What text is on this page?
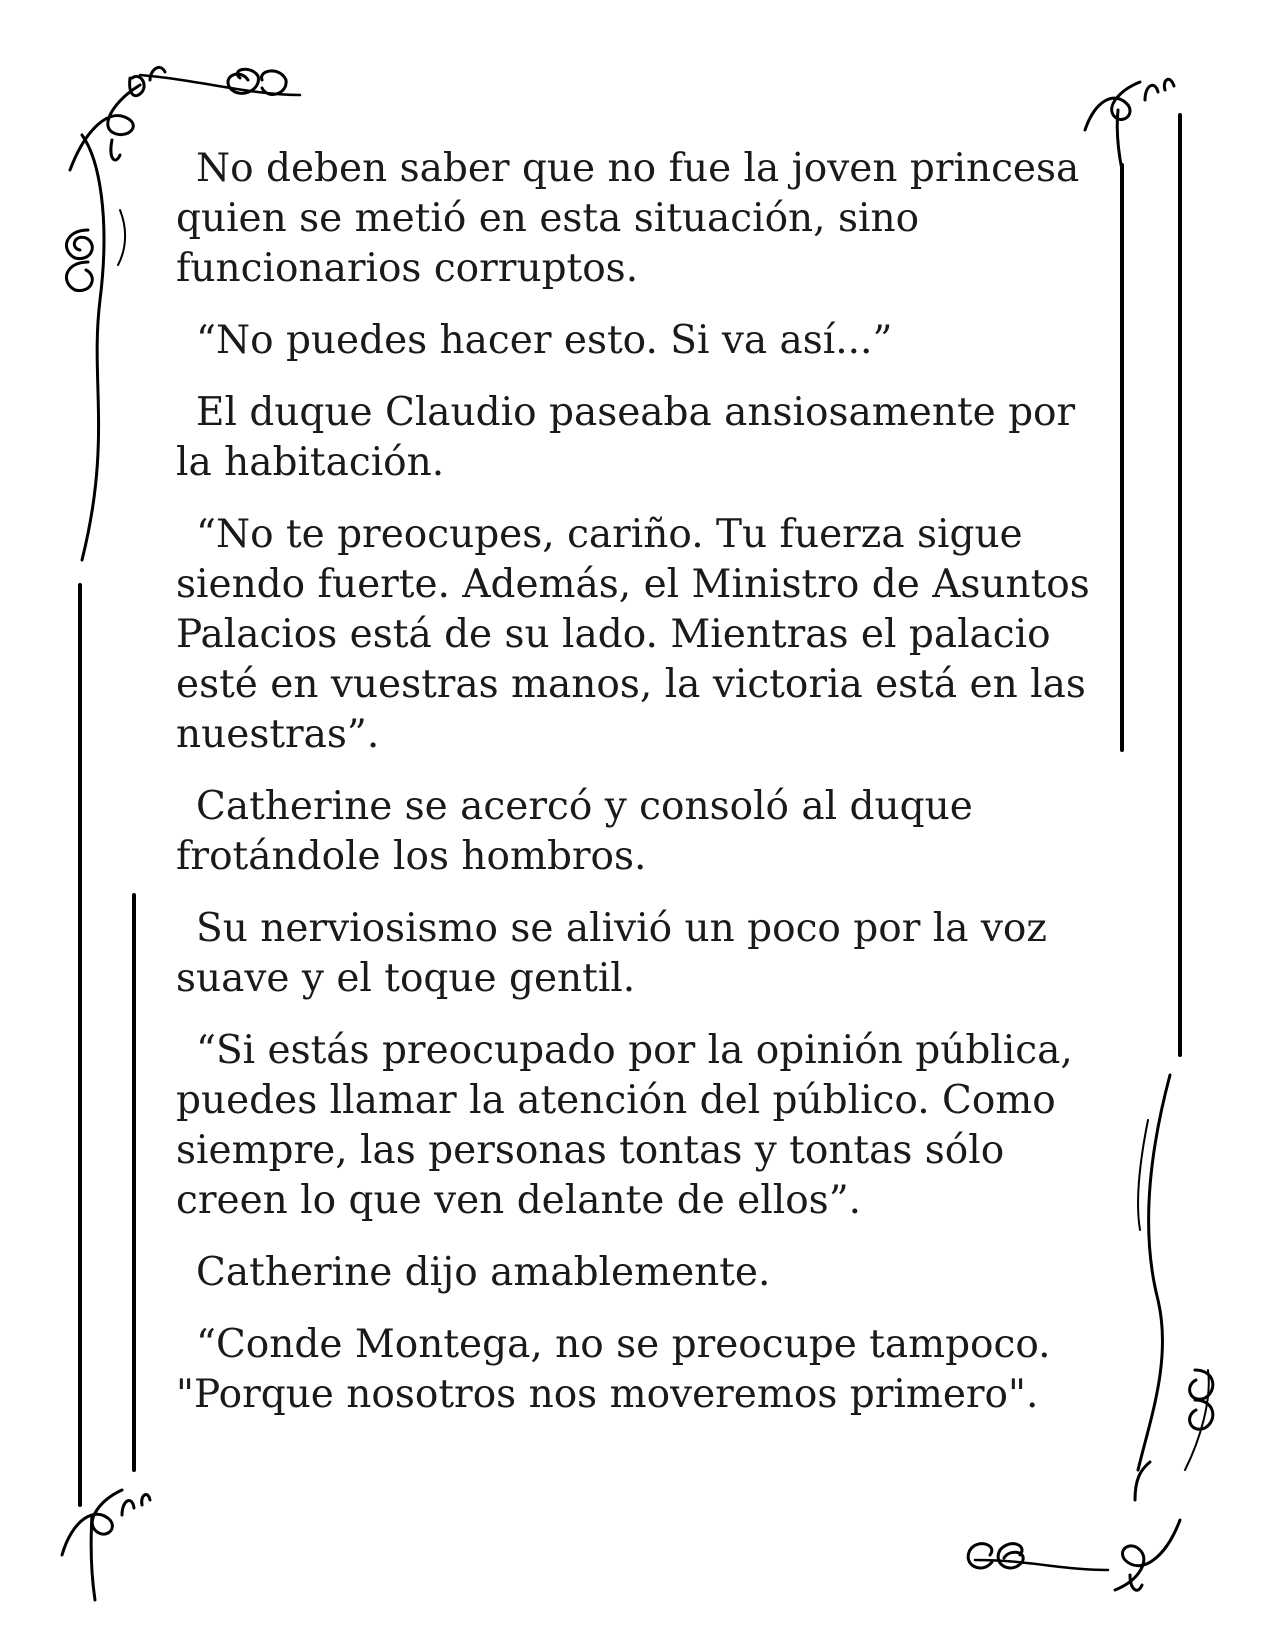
No deben saber que no fue la joven princesa quien se metió en esta situación, sino funcionarios corruptos.

“No puedes hacer esto. Si va así...”

El duque Claudio paseaba ansiosamente por la habitación.

“No te preocupes, cariño. Tu fuerza sigue siendo fuerte. Además, el Ministro de Asuntos Palacios está de su lado. Mientras el palacio esté en vuestras manos, la victoria está en las nuestras”.

Catherine se acercó y consoló al duque frotándole los hombros.

Su nerviosismo se alivió un poco por la voz suave y el toque gentil.

“Si estás preocupado por la opinión pública, puedes llamar la atención del público. Como siempre, las personas tontas y tontas sólo creen lo que ven delante de ellos”.

Catherine dijo amablemente.

“Conde Montega, no se preocupe tampoco. "Porque nosotros nos moveremos primero".
